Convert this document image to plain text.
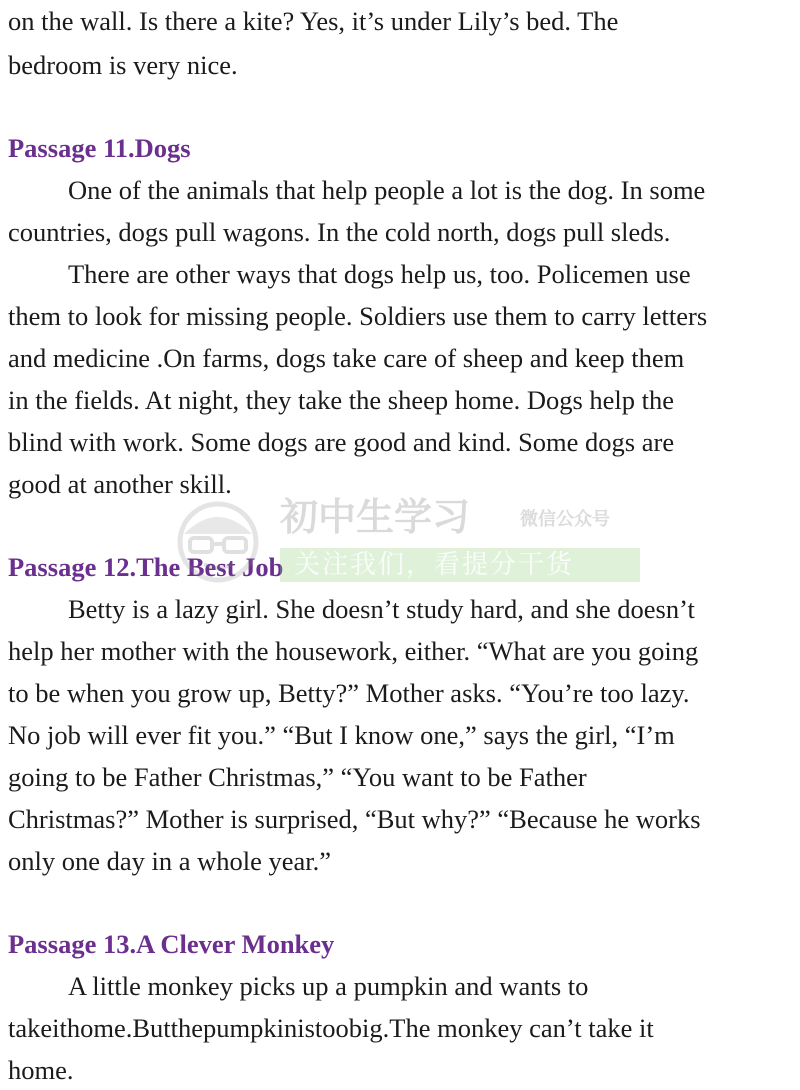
on the wall. Is there a kite? Yes, it’s under Lily’s bed. The
bedroom is very nice.
Passage 11.Dogs
One of the animals that help people a lot is the dog. In some
countries, dogs pull wagons. In the cold north, dogs pull sleds.
There are other ways that dogs help us, too. Policemen use
them to look for missing people. Soldiers use them to carry letters
and medicine .On farms, dogs take care of sheep and keep them
in the fields. At night, they take the sheep home. Dogs help the
blind with work. Some dogs are good and kind. Some dogs are
good at another skill.
Passage 12.The Best Job
Betty is a lazy girl. She doesn’t study hard, and she doesn’t
help her mother with the housework, either. “What are you going
to be when you grow up, Betty?” Mother asks. “You’re too lazy.
No job will ever fit you.” “But I know one,” says the girl, “I’m
going to be Father Christmas,” “You want to be Father
Christmas?” Mother is surprised, “But why?” “Because he works
only one day in a whole year.”
Passage 13.A Clever Monkey
A little monkey picks up a pumpkin and wants to
takeithome.Butthepumpkinistoobig.The monkey can’t take it
home.
初中生学习	微信公众号
关注我们，看提分干货
